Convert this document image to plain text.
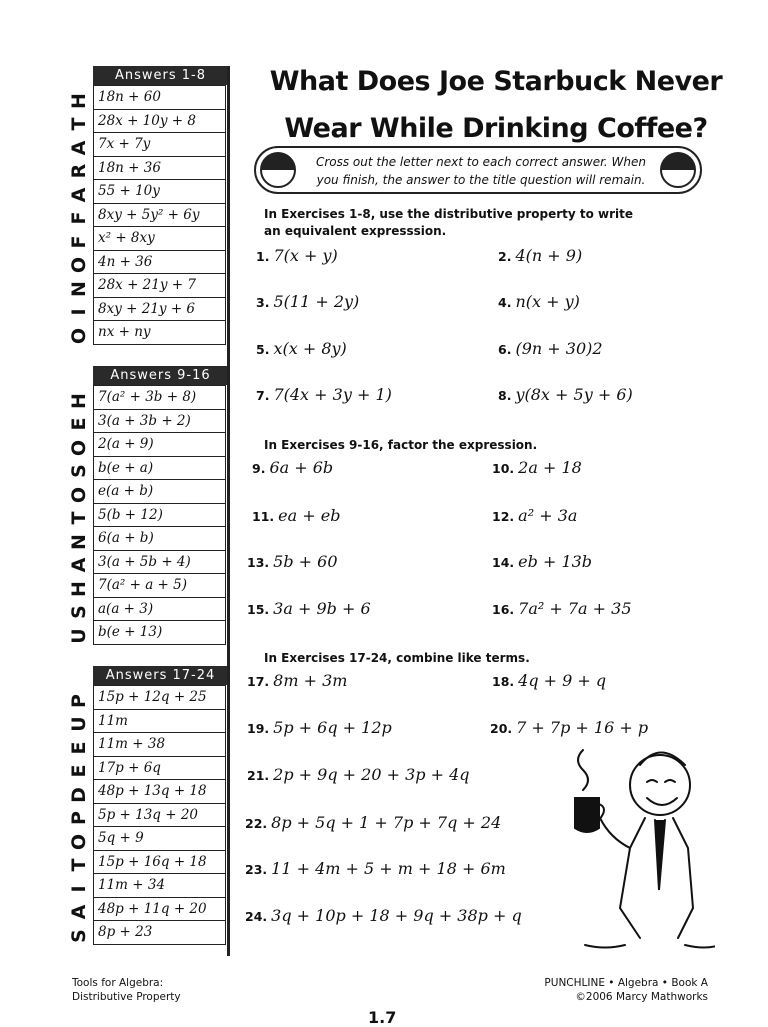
Answers 1-8
18n + 60
28x + 10y + 8
7x + 7y
18n + 36
55 + 10y
8xy + 5y² + 6y
x² + 8xy
4n + 36
28x + 21y + 7
8xy + 21y + 6
nx + ny
H
T
A
R
A
F
F
O
N
I
O
Answers 9-16
7(a² + 3b + 8)
3(a + 3b + 2)
2(a + 9)
b(e + a)
e(a + b)
5(b + 12)
6(a + b)
3(a + 5b + 4)
7(a² + a + 5)
a(a + 3)
b(e + 13)
H
E
O
S
O
T
N
A
H
S
U
Answers 17-24
15p + 12q + 25
11m
11m + 38
17p + 6q
48p + 13q + 18
5p + 13q + 20
5q + 9
15p + 16q + 18
11m + 34
48p + 11q + 20
8p + 23
P
U
E
E
D
P
O
T
I
A
S
What Does Joe Starbuck Never
Wear While Drinking Coffee?
Cross out the letter next to each correct answer. When
you finish, the answer to the title question will remain.
In Exercises 1-8, use the distributive property to write an equivalent expresssion.
1. 7(x + y)	2. 4(n + 9)
3. 5(11 + 2y)	4. n(x + y)
5. x(x + 8y)	6. (9n + 30)2
7. 7(4x + 3y + 1)	8. y(8x + 5y + 6)
In Exercises 9-16, factor the expression.
9. 6a + 6b	10. 2a + 18
11. ea + eb	12. a² + 3a
13. 5b + 60	14. eb + 13b
15. 3a + 9b + 6	16. 7a² + 7a + 35
In Exercises 17-24, combine like terms.
17. 8m + 3m	18. 4q + 9 + q
19. 5p + 6q + 12p	20. 7 + 7p + 16 + p
21. 2p + 9q + 20 + 3p + 4q
22. 8p + 5q + 1 + 7p + 7q + 24
23. 11 + 4m + 5 + m + 18 + 6m
24. 3q + 10p + 18 + 9q + 38p + q
Tools for Algebra:
Distributive Property
PUNCHLINE • Algebra • Book A
©2006 Marcy Mathworks
1.7
